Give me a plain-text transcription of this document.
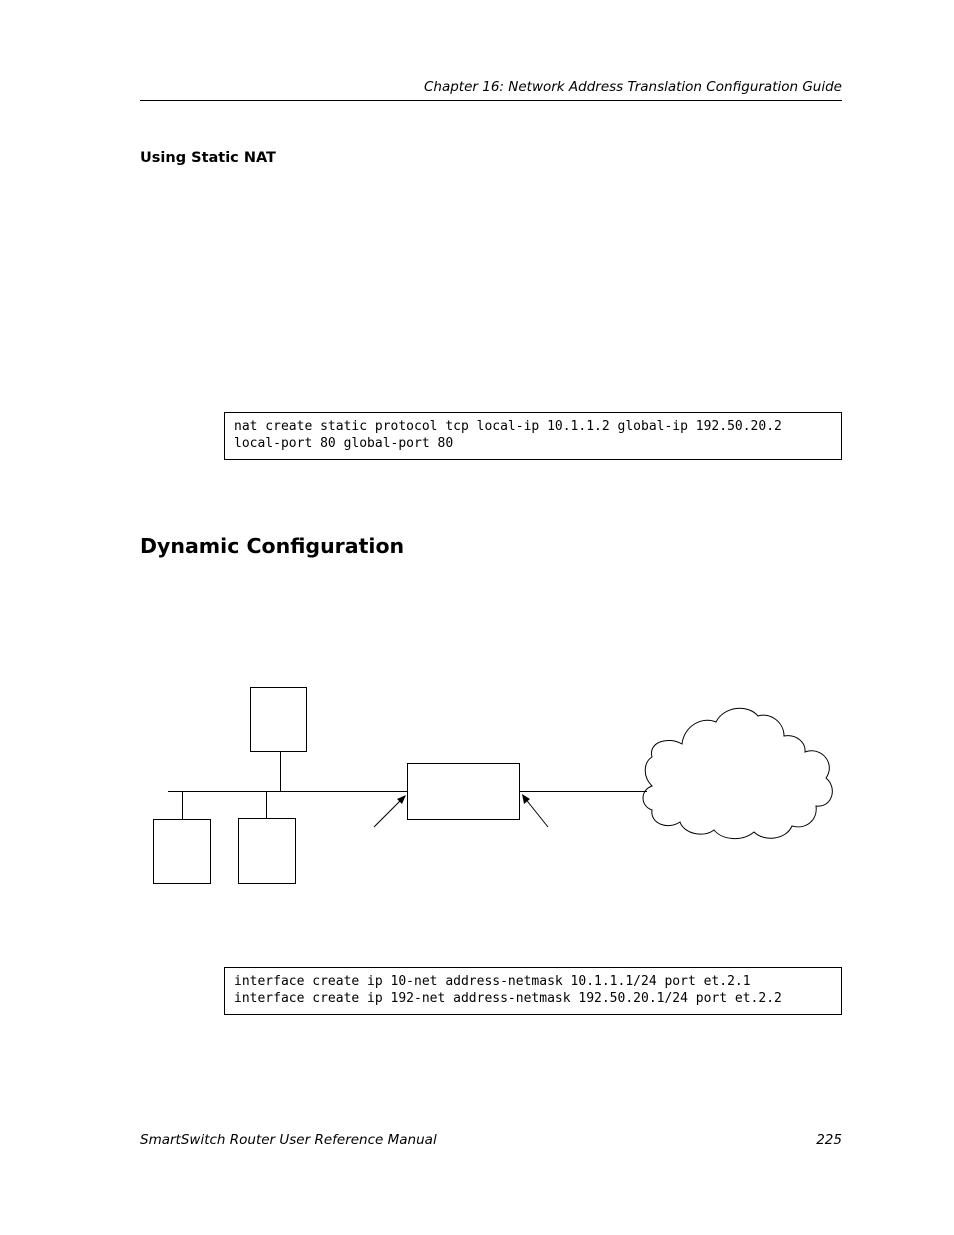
Chapter 16: Network Address Translation Configuration Guide
Using Static NAT
nat create static protocol tcp local-ip 10.1.1.2 global-ip 192.50.20.2
local-port 80 global-port 80
Dynamic Configuration
interface create ip 10-net address-netmask 10.1.1.1/24 port et.2.1
interface create ip 192-net address-netmask 192.50.20.1/24 port et.2.2
SmartSwitch Router User Reference Manual	225
